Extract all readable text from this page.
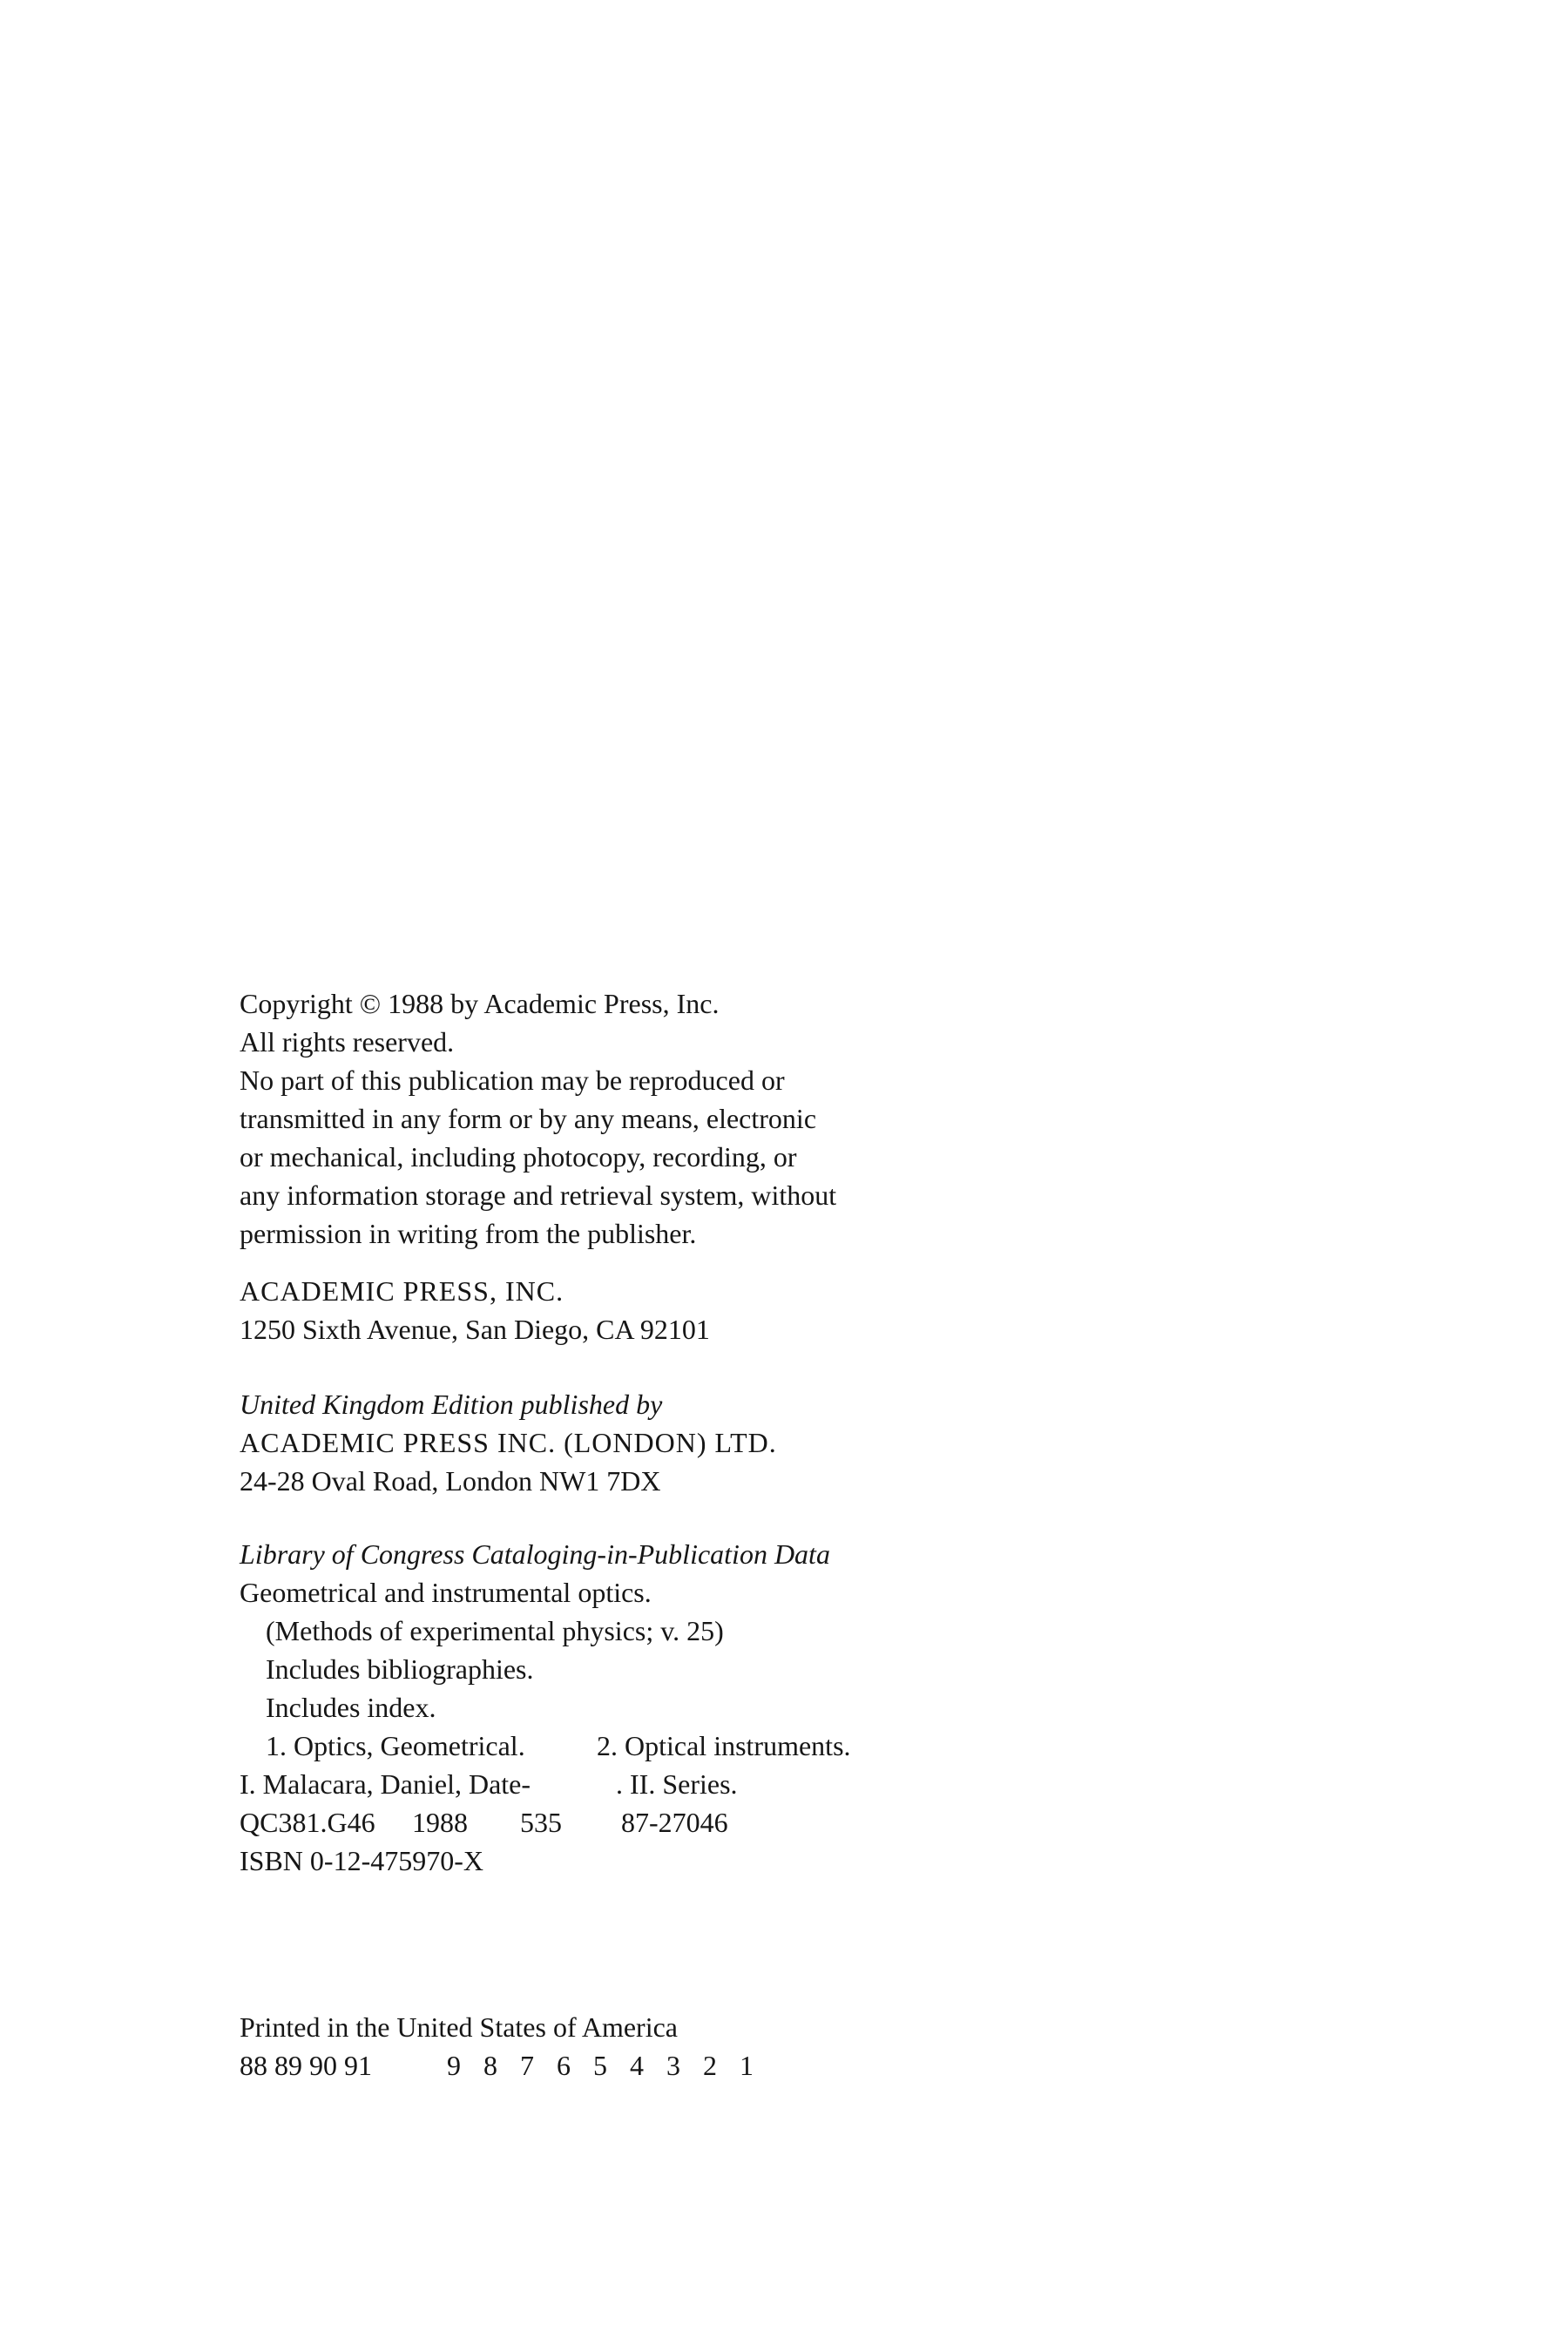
Copyright © 1988 by Academic Press, Inc.
All rights reserved.
No part of this publication may be reproduced or
transmitted in any form or by any means, electronic
or mechanical, including photocopy, recording, or
any information storage and retrieval system, without
permission in writing from the publisher.
ACADEMIC PRESS, INC.
1250 Sixth Avenue, San Diego, CA 92101
United Kingdom Edition published by
ACADEMIC PRESS INC. (LONDON) LTD.
24-28 Oval Road, London NW1 7DX
Library of Congress Cataloging-in-Publication Data
Geometrical and instrumental optics.
(Methods of experimental physics; v. 25)
Includes bibliographies.
Includes index.
1. Optics, Geometrical.	2. Optical instruments.
I. Malacara, Daniel, Date-	. II. Series.
QC381.G46 1988 535 87-27046
ISBN 0-12-475970-X
Printed in the United States of America
88 89 90 91	9 8 7 6 5 4 3 2 1
